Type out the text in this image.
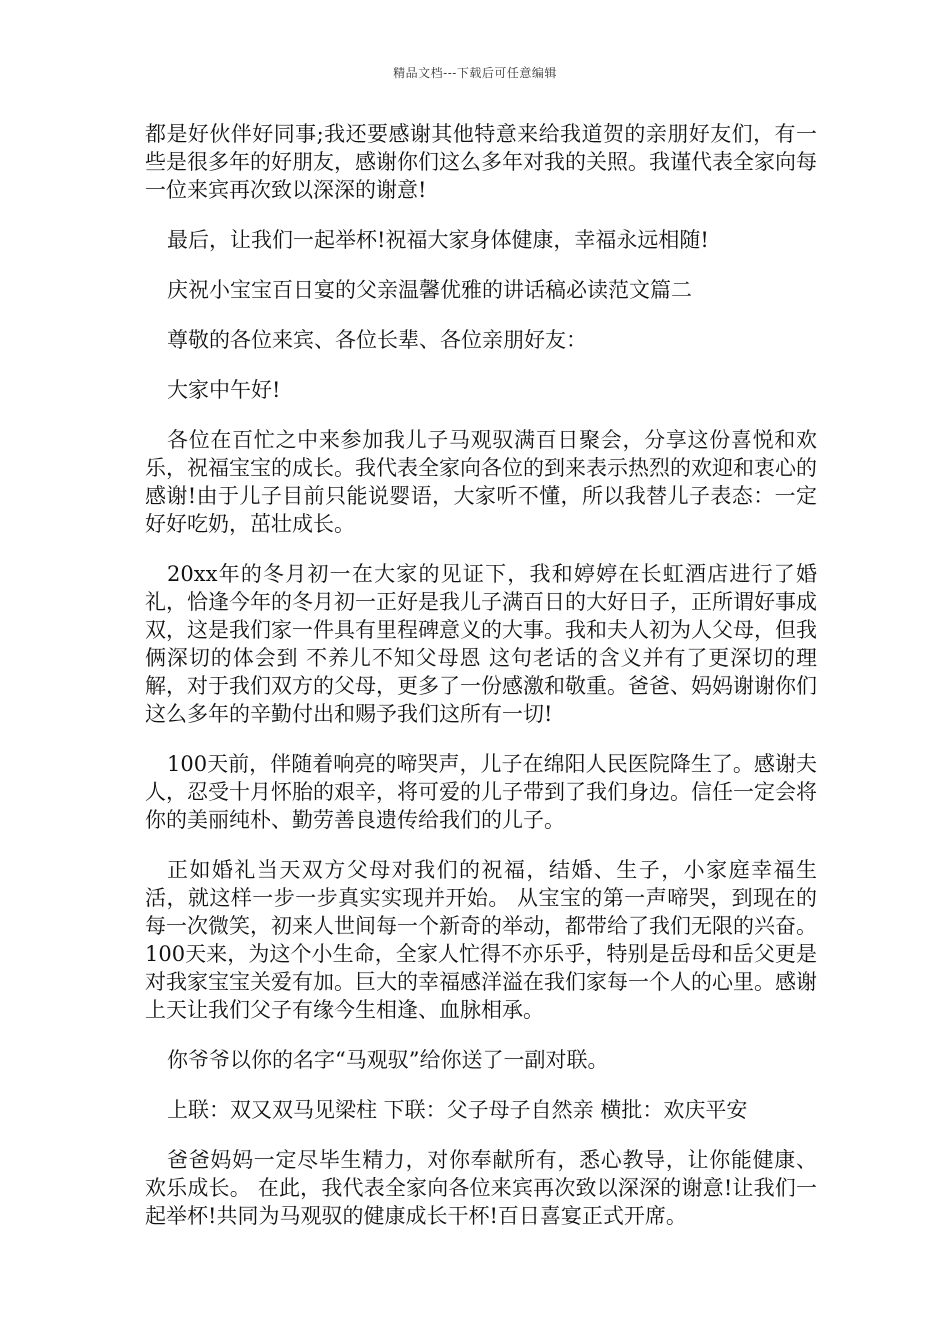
精品文档---下载后可任意编辑

都是好伙伴好同事;我还要感谢其他特意来给我道贺的亲朋好友们，有一些是很多年的好朋友，感谢你们这么多年对我的关照。我谨代表全家向每一位来宾再次致以深深的谢意!

最后，让我们一起举杯!祝福大家身体健康，幸福永远相随!

庆祝小宝宝百日宴的父亲温馨优雅的讲话稿必读范文篇二

尊敬的各位来宾、各位长辈、各位亲朋好友：

大家中午好!

各位在百忙之中来参加我儿子马观驭满百日聚会，分享这份喜悦和欢乐，祝福宝宝的成长。我代表全家向各位的到来表示热烈的欢迎和衷心的感谢!由于儿子目前只能说婴语，大家听不懂，所以我替儿子表态：一定好好吃奶，茁壮成长。

20xx年的冬月初一在大家的见证下，我和婷婷在长虹酒店进行了婚礼，恰逢今年的冬月初一正好是我儿子满百日的大好日子，正所谓好事成双，这是我们家一件具有里程碑意义的大事。我和夫人初为人父母，但我俩深切的体会到 不养儿不知父母恩 这句老话的含义并有了更深切的理解，对于我们双方的父母，更多了一份感激和敬重。爸爸、妈妈谢谢你们这么多年的辛勤付出和赐予我们这所有一切!

100天前，伴随着响亮的啼哭声，儿子在绵阳人民医院降生了。感谢夫人，忍受十月怀胎的艰辛，将可爱的儿子带到了我们身边。信任一定会将你的美丽纯朴、勤劳善良遗传给我们的儿子。

正如婚礼当天双方父母对我们的祝福，结婚、生子，小家庭幸福生活，就这样一步一步真实实现并开始。 从宝宝的第一声啼哭，到现在的每一次微笑，初来人世间每一个新奇的举动，都带给了我们无限的兴奋。100天来，为这个小生命，全家人忙得不亦乐乎，特别是岳母和岳父更是对我家宝宝关爱有加。巨大的幸福感洋溢在我们家每一个人的心里。感谢上天让我们父子有缘今生相逢、血脉相承。

你爷爷以你的名字“马观驭”给你送了一副对联。

上联：双又双马见梁柱 下联：父子母子自然亲 横批：欢庆平安

爸爸妈妈一定尽毕生精力，对你奉献所有，悉心教导，让你能健康、欢乐成长。 在此，我代表全家向各位来宾再次致以深深的谢意!让我们一起举杯!共同为马观驭的健康成长干杯!百日喜宴正式开席。
